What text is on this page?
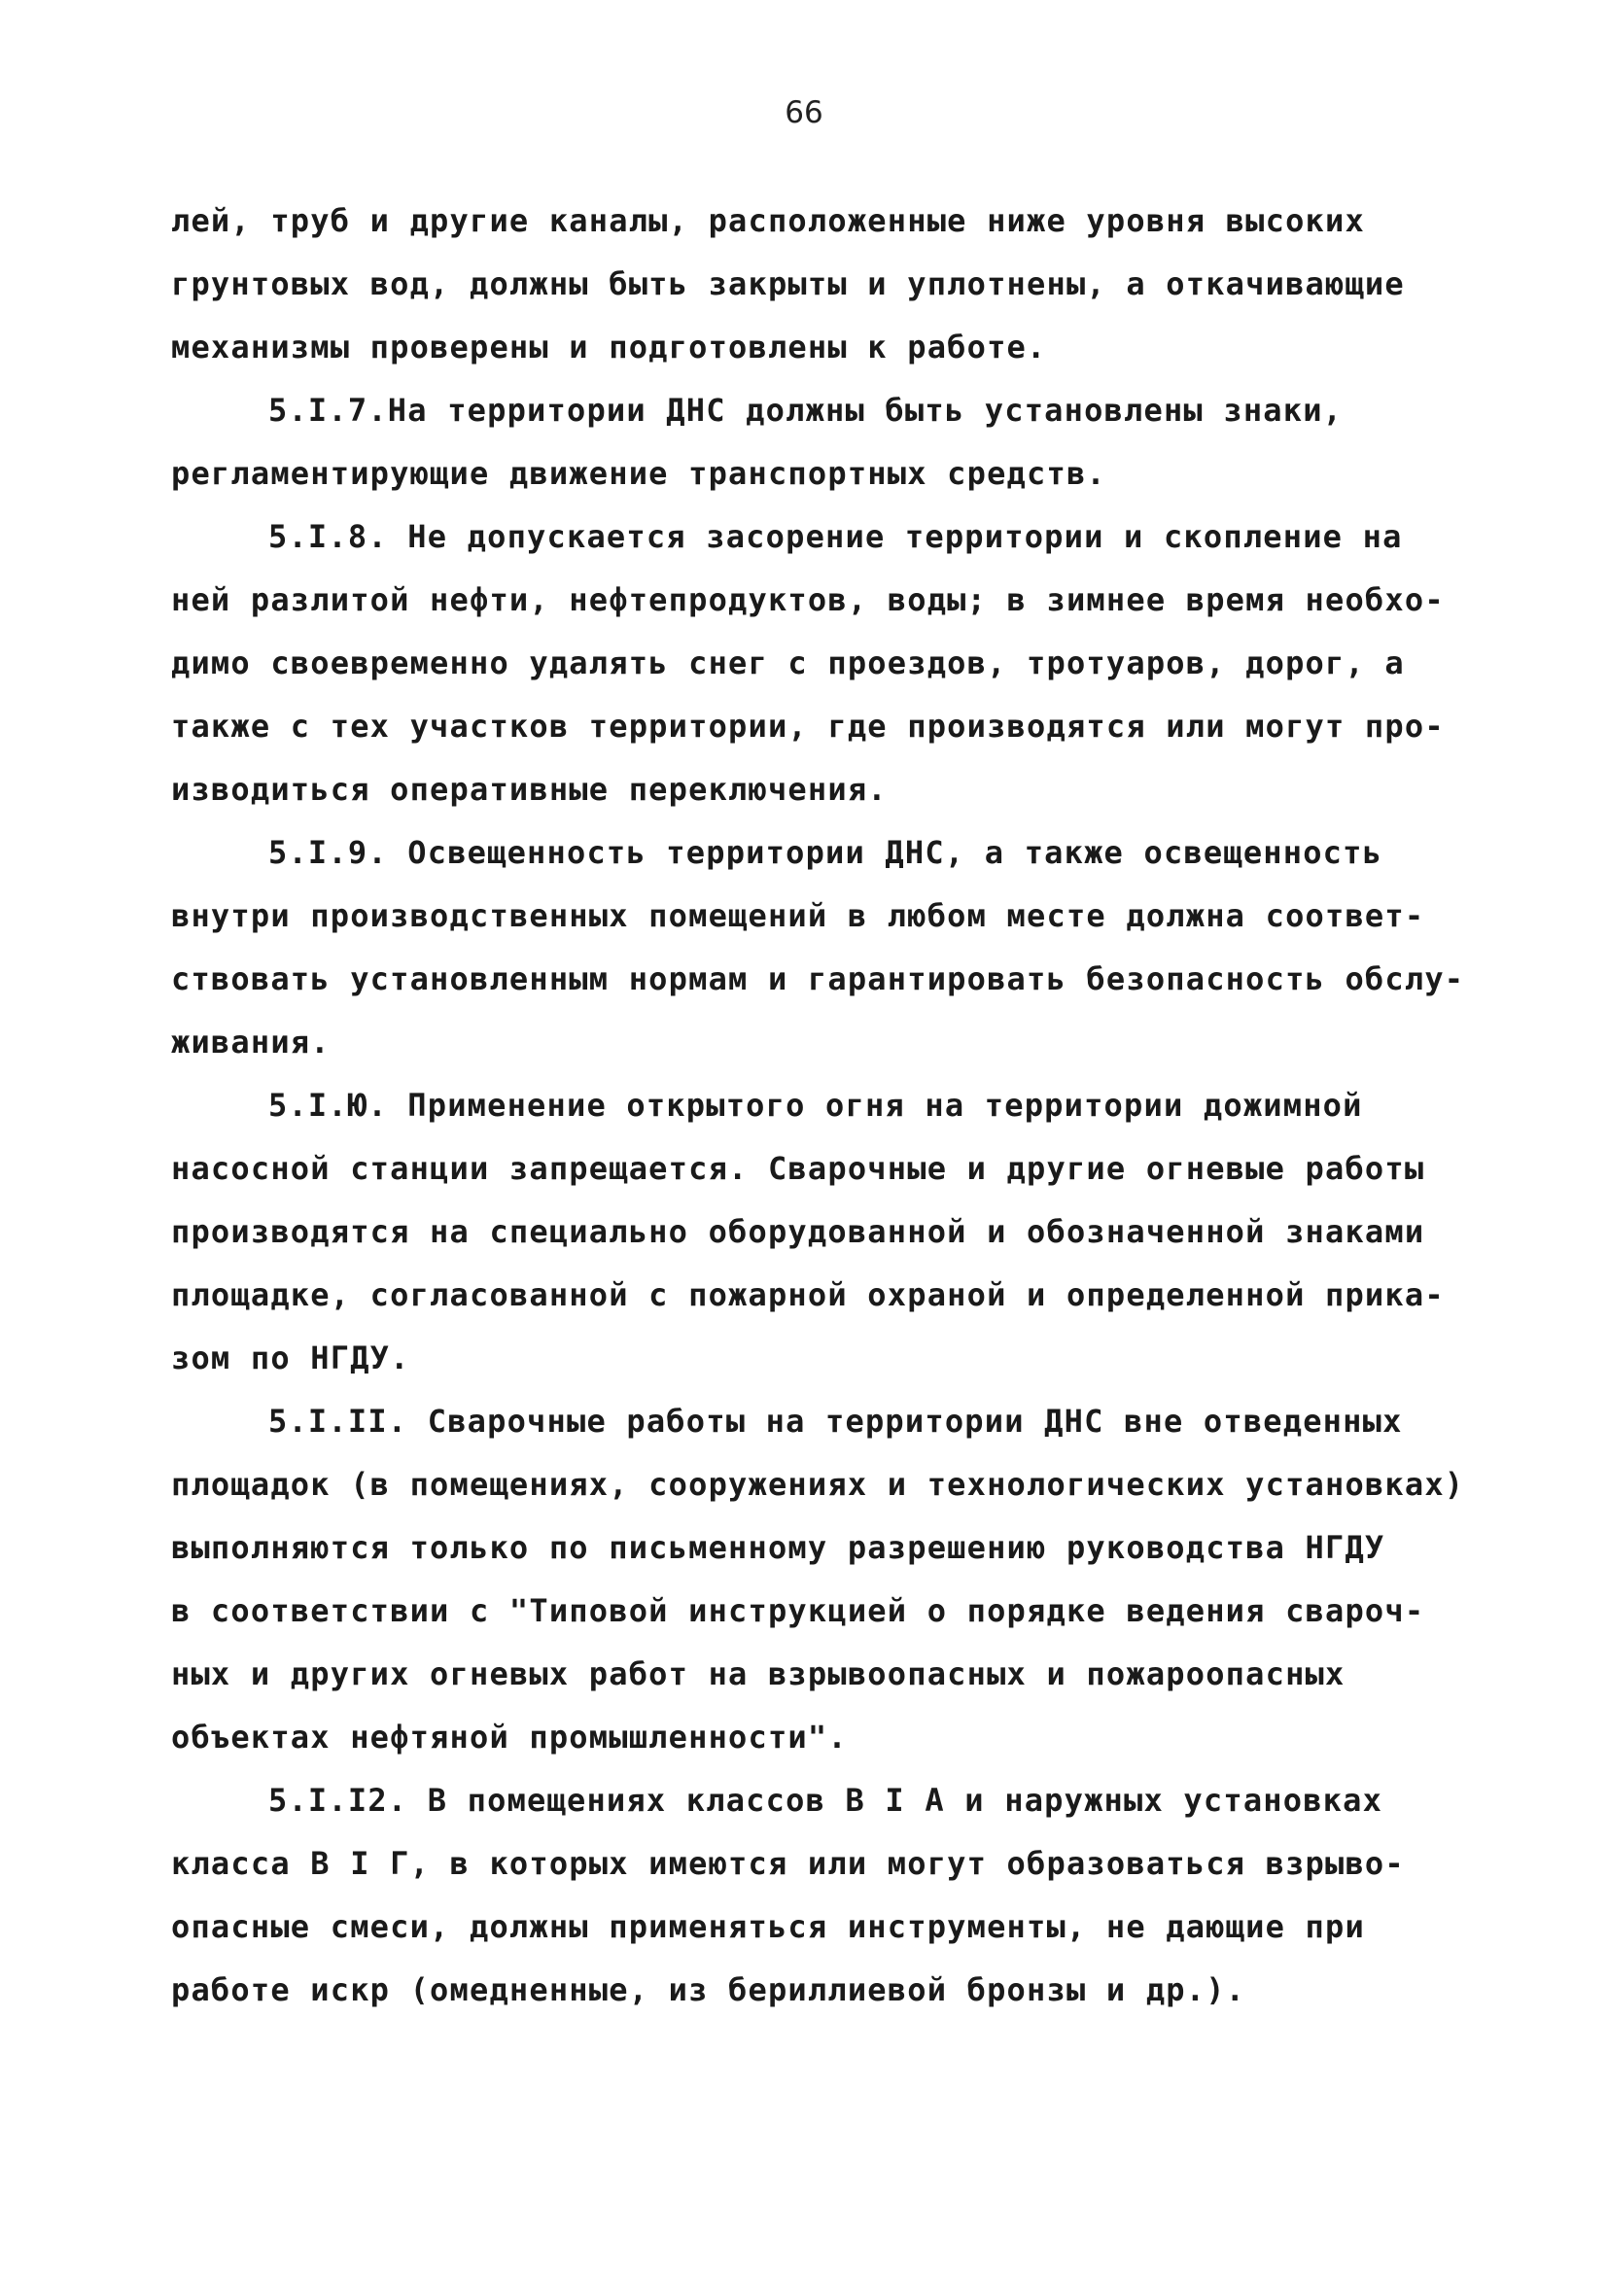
66
лей, труб и другие каналы, расположенные ниже уровня высоких
грунтовых вод, должны быть закрыты и уплотнены, а откачивающие
механизмы проверены и подготовлены к работе.
5.I.7.На территории ДНС должны быть установлены знаки,
регламентирующие движение транспортных средств.
5.I.8. Не допускается засорение территории и скопление на
ней разлитой нефти, нефтепродуктов, воды; в зимнее время необхо-
димо своевременно удалять снег с проездов, тротуаров, дорог, а
также с тех участков территории, где производятся или могут про-
изводиться оперативные переключения.
5.I.9. Освещенность территории ДНС, а также освещенность
внутри производственных помещений в любом месте должна соответ-
ствовать установленным нормам и гарантировать безопасность обслу-
живания.
5.I.Ю. Применение открытого огня на территории дожимной
насосной станции запрещается. Сварочные и другие огневые работы
производятся на специально оборудованной и обозначенной знаками
площадке, согласованной с пожарной охраной и определенной прика-
зом по НГДУ.
5.I.II. Сварочные работы на территории ДНС вне отведенных
площадок (в помещениях, сооружениях и технологических установках)
выполняются только по письменному разрешению руководства НГДУ
в соответствии с "Типовой инструкцией о порядке ведения свароч-
ных и других огневых работ на взрывоопасных и пожароопасных
объектах нефтяной промышленности".
5.I.I2. В помещениях классов В I А и наружных установках
класса В I Г, в которых имеются или могут образоваться взрыво-
опасные смеси, должны применяться инструменты, не дающие при
работе искр (омедненные, из бериллиевой бронзы и др.).
